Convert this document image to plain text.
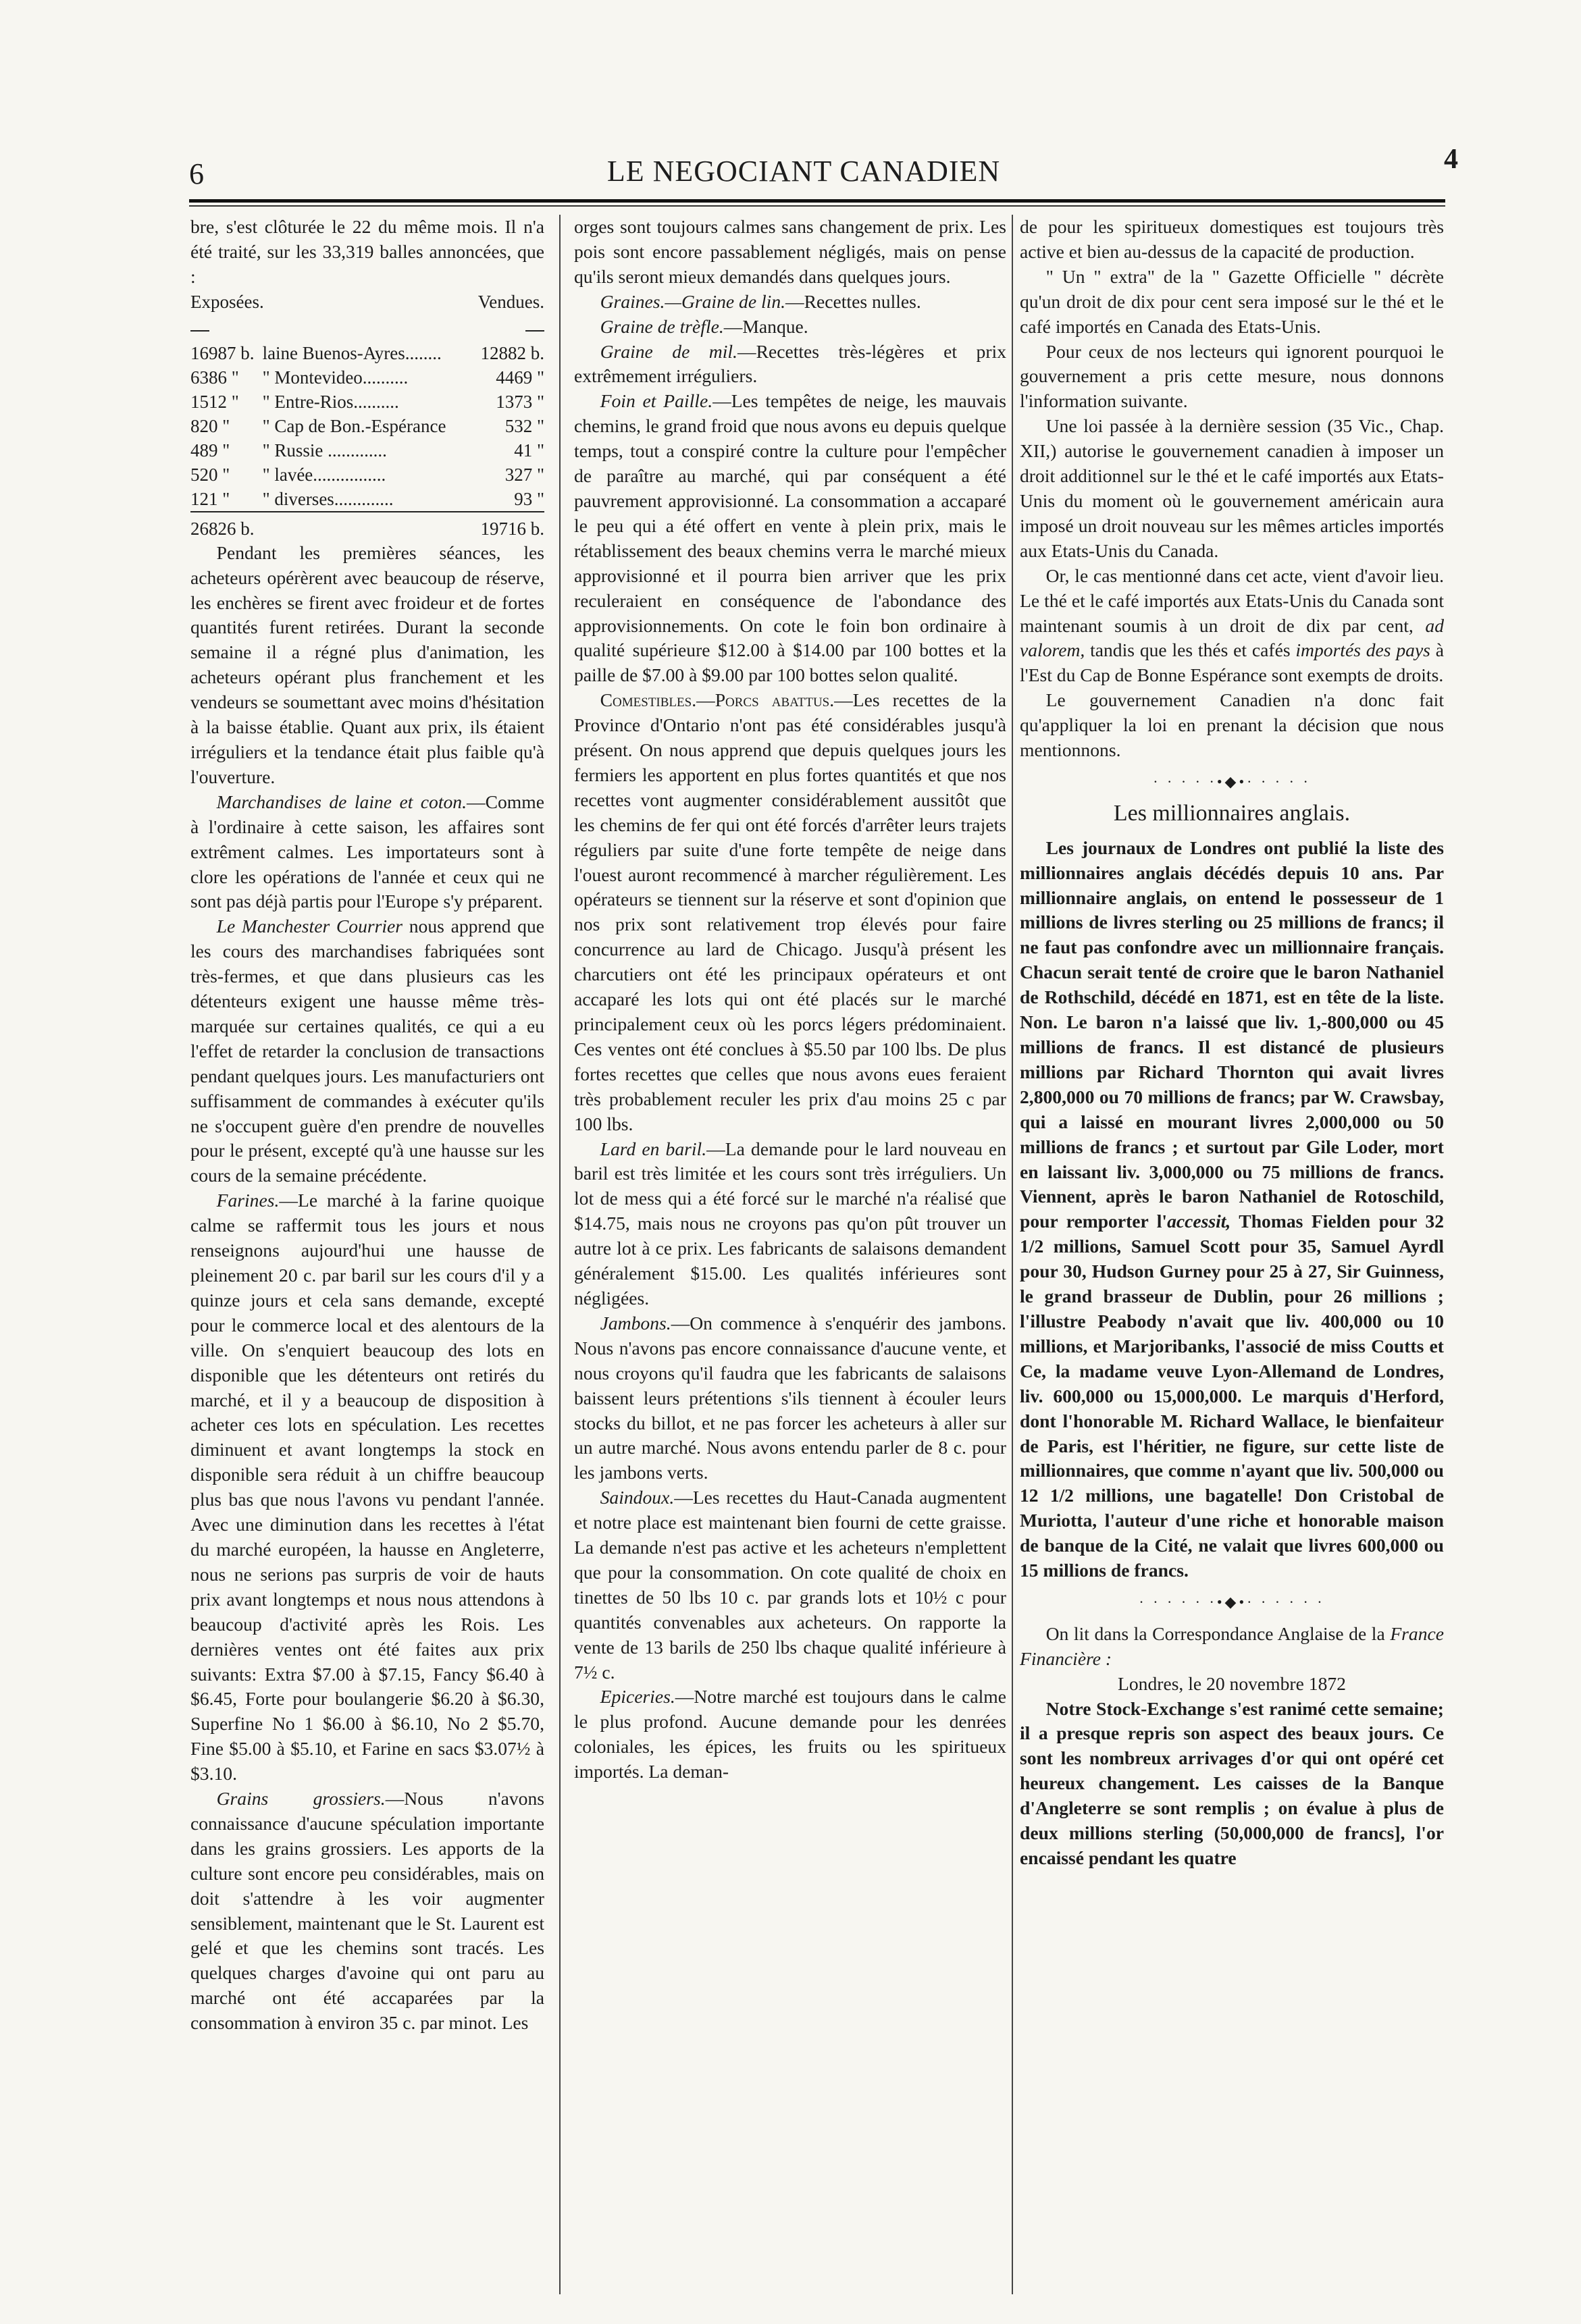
4
6	LE NEGOCIANT CANADIEN

bre, s'est clôturée le 22 du même mois. Il n'a été traité, sur les 33,319 balles annoncées, que :

Exposées.		Vendues.

16987 b.	laine Buenos-Ayres........	12882 b.
6386 "	" Montevideo..........	4469 "
1512 "	" Entre-Rios..........	1373 "
820 "	" Cap de Bon.-Espérance	532 "
489 "	" Russie .............	41 "
520 "	" lavée................	327 "
121 "	" diverses.............	93 "
26826 b.		19716 b.

Pendant les premières séances, les acheteurs opérèrent avec beaucoup de réserve, les enchères se firent avec froideur et de fortes quantités furent retirées. Durant la seconde semaine il a régné plus d'animation, les acheteurs opérant plus franchement et les vendeurs se soumettant avec moins d'hésitation à la baisse établie. Quant aux prix, ils étaient irréguliers et la tendance était plus faible qu'à l'ouverture.

Marchandises de laine et coton.—Comme à l'ordinaire à cette saison, les affaires sont extrêment calmes. Les importateurs sont à clore les opérations de l'année et ceux qui ne sont pas déjà partis pour l'Europe s'y préparent.

Le Manchester Courrier nous apprend que les cours des marchandises fabriquées sont très-fermes, et que dans plusieurs cas les détenteurs exigent une hausse même très-marquée sur certaines qualités, ce qui a eu l'effet de retarder la conclusion de transactions pendant quelques jours. Les manufacturiers ont suffisamment de commandes à exécuter qu'ils ne s'occupent guère d'en prendre de nouvelles pour le présent, excepté qu'à une hausse sur les cours de la semaine précédente.

Farines.—Le marché à la farine quoique calme se raffermit tous les jours et nous renseignons aujourd'hui une hausse de pleinement 20 c. par baril sur les cours d'il y a quinze jours et cela sans demande, excepté pour le commerce local et des alentours de la ville. On s'enquiert beaucoup des lots en disponible que les détenteurs ont retirés du marché, et il y a beaucoup de disposition à acheter ces lots en spéculation. Les recettes diminuent et avant longtemps la stock en disponible sera réduit à un chiffre beaucoup plus bas que nous l'avons vu pendant l'année. Avec une diminution dans les recettes à l'état du marché européen, la hausse en Angleterre, nous ne serions pas surpris de voir de hauts prix avant longtemps et nous nous attendons à beaucoup d'activité après les Rois. Les dernières ventes ont été faites aux prix suivants: Extra $7.00 à $7.15, Fancy $6.40 à $6.45, Forte pour boulangerie $6.20 à $6.30, Superfine No 1 $6.00 à $6.10, No 2 $5.70, Fine $5.00 à $5.10, et Farine en sacs $3.07½ à $3.10.

Grains grossiers.—Nous n'avons connaissance d'aucune spéculation importante dans les grains grossiers. Les apports de la culture sont encore peu considérables, mais on doit s'attendre à les voir augmenter sensiblement, maintenant que le St. Laurent est gelé et que les chemins sont tracés. Les quelques charges d'avoine qui ont paru au marché ont été accaparées par la consommation à environ 35 c. par minot. Les

orges sont toujours calmes sans changement de prix. Les pois sont encore passablement négligés, mais on pense qu'ils seront mieux demandés dans quelques jours.

Graines.—Graine de lin.—Recettes nulles.

Graine de trèfle.—Manque.

Graine de mil.—Recettes très-légères et prix extrêmement irréguliers.

Foin et Paille.—Les tempêtes de neige, les mauvais chemins, le grand froid que nous avons eu depuis quelque temps, tout a conspiré contre la culture pour l'empêcher de paraître au marché, qui par conséquent a été pauvrement approvisionné. La consommation a accaparé le peu qui a été offert en vente à plein prix, mais le rétablissement des beaux chemins verra le marché mieux approvisionné et il pourra bien arriver que les prix reculeraient en conséquence de l'abondance des approvisionnements. On cote le foin bon ordinaire à qualité supérieure $12.00 à $14.00 par 100 bottes et la paille de $7.00 à $9.00 par 100 bottes selon qualité.

Comestibles.—Porcs abattus.—Les recettes de la Province d'Ontario n'ont pas été considérables jusqu'à présent. On nous apprend que depuis quelques jours les fermiers les apportent en plus fortes quantités et que nos recettes vont augmenter considérablement aussitôt que les chemins de fer qui ont été forcés d'arrêter leurs trajets réguliers par suite d'une forte tempête de neige dans l'ouest auront recommencé à marcher régulièrement. Les opérateurs se tiennent sur la réserve et sont d'opinion que nos prix sont relativement trop élevés pour faire concurrence au lard de Chicago. Jusqu'à présent les charcutiers ont été les principaux opérateurs et ont accaparé les lots qui ont été placés sur le marché principalement ceux où les porcs légers prédominaient. Ces ventes ont été conclues à $5.50 par 100 lbs. De plus fortes recettes que celles que nous avons eues feraient très probablement reculer les prix d'au moins 25 c par 100 lbs.

Lard en baril.—La demande pour le lard nouveau en baril est très limitée et les cours sont très irréguliers. Un lot de mess qui a été forcé sur le marché n'a réalisé que $14.75, mais nous ne croyons pas qu'on pût trouver un autre lot à ce prix. Les fabricants de salaisons demandent généralement $15.00. Les qualités inférieures sont négligées.

Jambons.—On commence à s'enquérir des jambons. Nous n'avons pas encore connaissance d'aucune vente, et nous croyons qu'il faudra que les fabricants de salaisons baissent leurs prétentions s'ils tiennent à écouler leurs stocks du billot, et ne pas forcer les acheteurs à aller sur un autre marché. Nous avons entendu parler de 8 c. pour les jambons verts.

Saindoux.—Les recettes du Haut-Canada augmentent et notre place est maintenant bien fourni de cette graisse. La demande n'est pas active et les acheteurs n'emplettent que pour la consommation. On cote qualité de choix en tinettes de 50 lbs 10 c. par grands lots et 10½ c pour quantités convenables aux acheteurs. On rapporte la vente de 13 barils de 250 lbs chaque qualité inférieure à 7½ c.

Epiceries.—Notre marché est toujours dans le calme le plus profond. Aucune demande pour les denrées coloniales, les épices, les fruits ou les spiritueux importés. La deman-

de pour les spiritueux domestiques est toujours très active et bien au-dessus de la capacité de production.

" Un " extra" de la " Gazette Officielle " décrète qu'un droit de dix pour cent sera imposé sur le thé et le café importés en Canada des Etats-Unis.

Pour ceux de nos lecteurs qui ignorent pourquoi le gouvernement a pris cette mesure, nous donnons l'information suivante.

Une loi passée à la dernière session (35 Vic., Chap. XII,) autorise le gouvernement canadien à imposer un droit additionnel sur le thé et le café importés aux Etats-Unis du moment où le gouvernement américain aura imposé un droit nouveau sur les mêmes articles importés aux Etats-Unis du Canada.

Or, le cas mentionné dans cet acte, vient d'avoir lieu. Le thé et le café importés aux Etats-Unis du Canada sont maintenant soumis à un droit de dix par cent, ad valorem, tandis que les thés et cafés importés des pays à l'Est du Cap de Bonne Espérance sont exempts de droits.

Le gouvernement Canadien n'a donc fait qu'appliquer la loi en prenant la décision que nous mentionnons.

· · · · ·•◆•· · · · ·
Les millionnaires anglais.

Les journaux de Londres ont publié la liste des millionnaires anglais décédés depuis 10 ans. Par millionnaire anglais, on entend le possesseur de 1 millions de livres sterling ou 25 millions de francs; il ne faut pas confondre avec un millionnaire français. Chacun serait tenté de croire que le baron Nathaniel de Rothschild, décédé en 1871, est en tête de la liste. Non. Le baron n'a laissé que liv. 1,-800,000 ou 45 millions de francs. Il est distancé de plusieurs millions par Richard Thornton qui avait livres 2,800,000 ou 70 millions de francs; par W. Crawsbay, qui a laissé en mourant livres 2,000,000 ou 50 millions de francs ; et surtout par Gile Loder, mort en laissant liv. 3,000,000 ou 75 millions de francs. Viennent, après le baron Nathaniel de Rotoschild, pour remporter l'accessit, Thomas Fielden pour 32 1/2 millions, Samuel Scott pour 35, Samuel Ayrdl pour 30, Hudson Gurney pour 25 à 27, Sir Guinness, le grand brasseur de Dublin, pour 26 millions ; l'illustre Peabody n'avait que liv. 400,000 ou 10 millions, et Marjoribanks, l'associé de miss Coutts et Ce, la madame veuve Lyon-Allemand de Londres, liv. 600,000 ou 15,000,000. Le marquis d'Herford, dont l'honorable M. Richard Wallace, le bienfaiteur de Paris, est l'héritier, ne figure, sur cette liste de millionnaires, que comme n'ayant que liv. 500,000 ou 12 1/2 millions, une bagatelle! Don Cristobal de Muriotta, l'auteur d'une riche et honorable maison de banque de la Cité, ne valait que livres 600,000 ou 15 millions de francs.

· · · · · ·•◆•· · · · · ·

On lit dans la Correspondance Anglaise de la France Financière :

Londres, le 20 novembre 1872

Notre Stock-Exchange s'est ranimé cette semaine; il a presque repris son aspect des beaux jours. Ce sont les nombreux arrivages d'or qui ont opéré cet heureux changement. Les caisses de la Banque d'Angleterre se sont remplis ; on évalue à plus de deux millions sterling (50,000,000 de francs], l'or encaissé pendant les quatre
